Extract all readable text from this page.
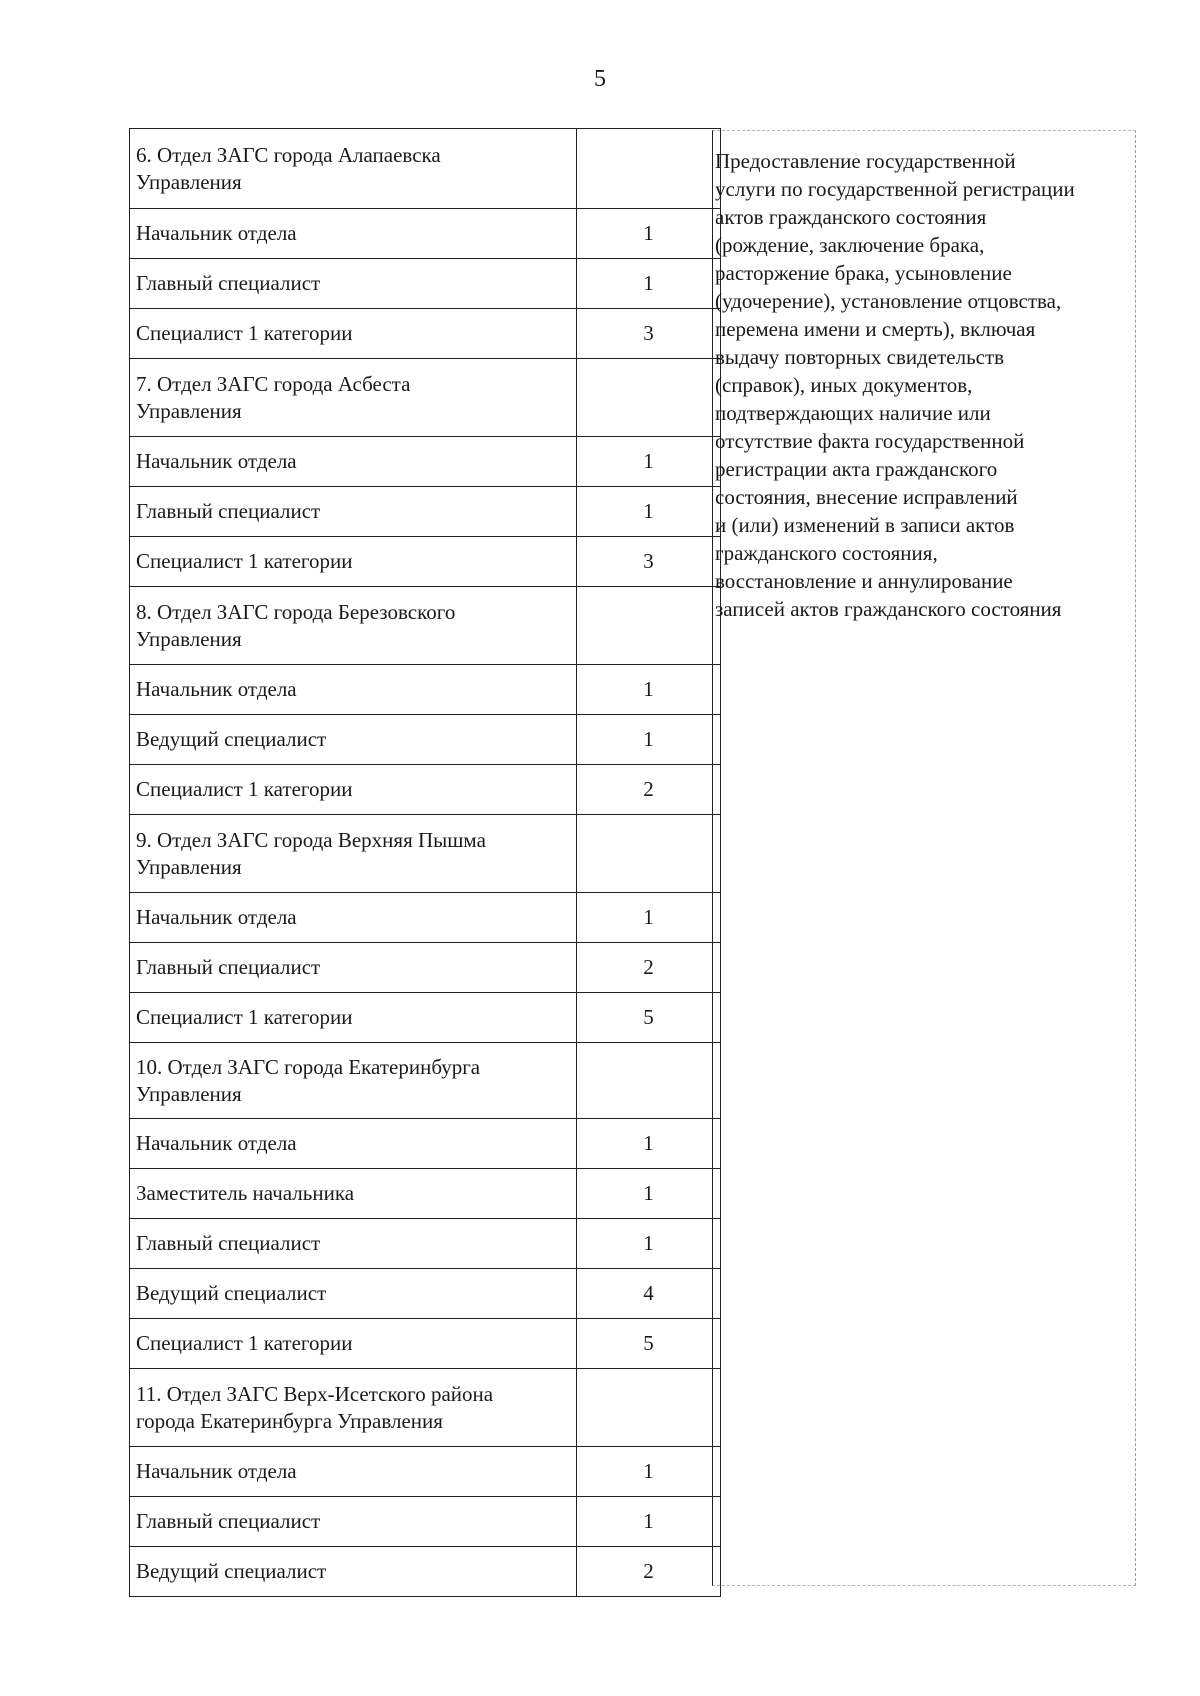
5
6. Отдел ЗАГС города Алапаевска
Управления	
Начальник отдела	1
Главный специалист	1
Специалист 1 категории	3
7. Отдел ЗАГС города Асбеста
Управления	
Начальник отдела	1
Главный специалист	1
Специалист 1 категории	3
8. Отдел ЗАГС города Березовского
Управления	
Начальник отдела	1
Ведущий специалист	1
Специалист 1 категории	2
9. Отдел ЗАГС города Верхняя Пышма
Управления	
Начальник отдела	1
Главный специалист	2
Специалист 1 категории	5
10. Отдел ЗАГС города Екатеринбурга
Управления	
Начальник отдела	1
Заместитель начальника	1
Главный специалист	1
Ведущий специалист	4
Специалист 1 категории	5
11. Отдел ЗАГС Верх-Исетского района
города Екатеринбурга Управления	
Начальник отдела	1
Главный специалист	1
Ведущий специалист	2
Предоставление государственной
услуги по государственной регистрации
актов гражданского состояния
(рождение, заключение брака,
расторжение брака, усыновление
(удочерение), установление отцовства,
перемена имени и смерть), включая
выдачу повторных свидетельств
(справок), иных документов,
подтверждающих наличие или
отсутствие факта государственной
регистрации акта гражданского
состояния, внесение исправлений
и (или) изменений в записи актов
гражданского состояния,
восстановление и аннулирование
записей актов гражданского состояния
